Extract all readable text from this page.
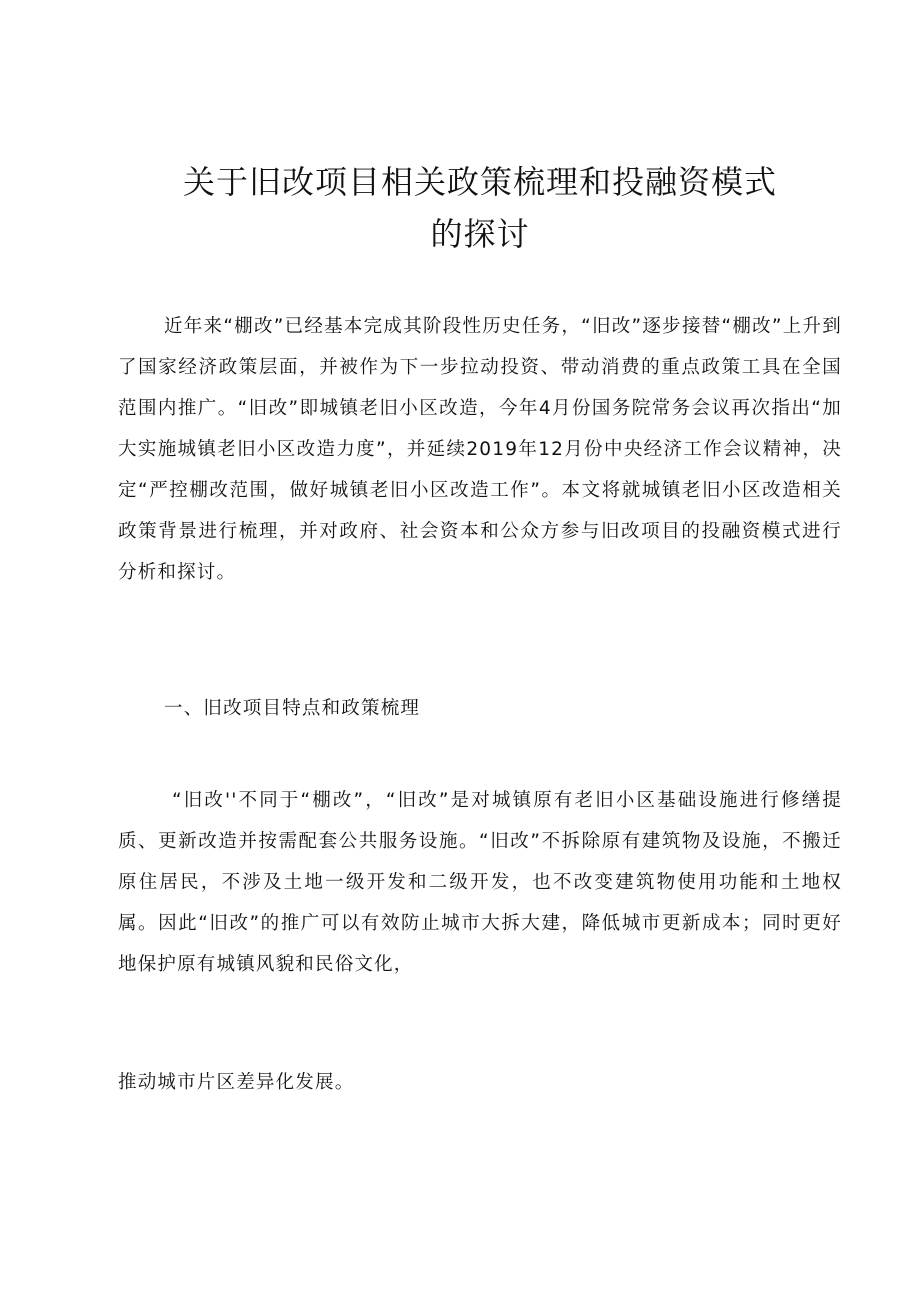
关于旧改项目相关政策梳理和投融资模式
的探讨

近年来“棚改”已经基本完成其阶段性历史任务，“旧改”逐步接替“棚改”上升到了国家经济政策层面，并被作为下一步拉动投资、带动消费的重点政策工具在全国范围内推广。“旧改”即城镇老旧小区改造，今年4月份国务院常务会议再次指出“加大实施城镇老旧小区改造力度”，并延续2019年12月份中央经济工作会议精神，决定“严控棚改范围，做好城镇老旧小区改造工作”。本文将就城镇老旧小区改造相关政策背景进行梳理，并对政府、社会资本和公众方参与旧改项目的投融资模式进行分析和探讨。

一、旧改项目特点和政策梳理

“旧改''不同于“棚改”，“旧改”是对城镇原有老旧小区基础设施进行修缮提质、更新改造并按需配套公共服务设施。“旧改”不拆除原有建筑物及设施，不搬迁原住居民，不涉及土地一级开发和二级开发，也不改变建筑物使用功能和土地权属。因此“旧改”的推广可以有效防止城市大拆大建，降低城市更新成本；同时更好地保护原有城镇风貌和民俗文化，

推动城市片区差异化发展。
